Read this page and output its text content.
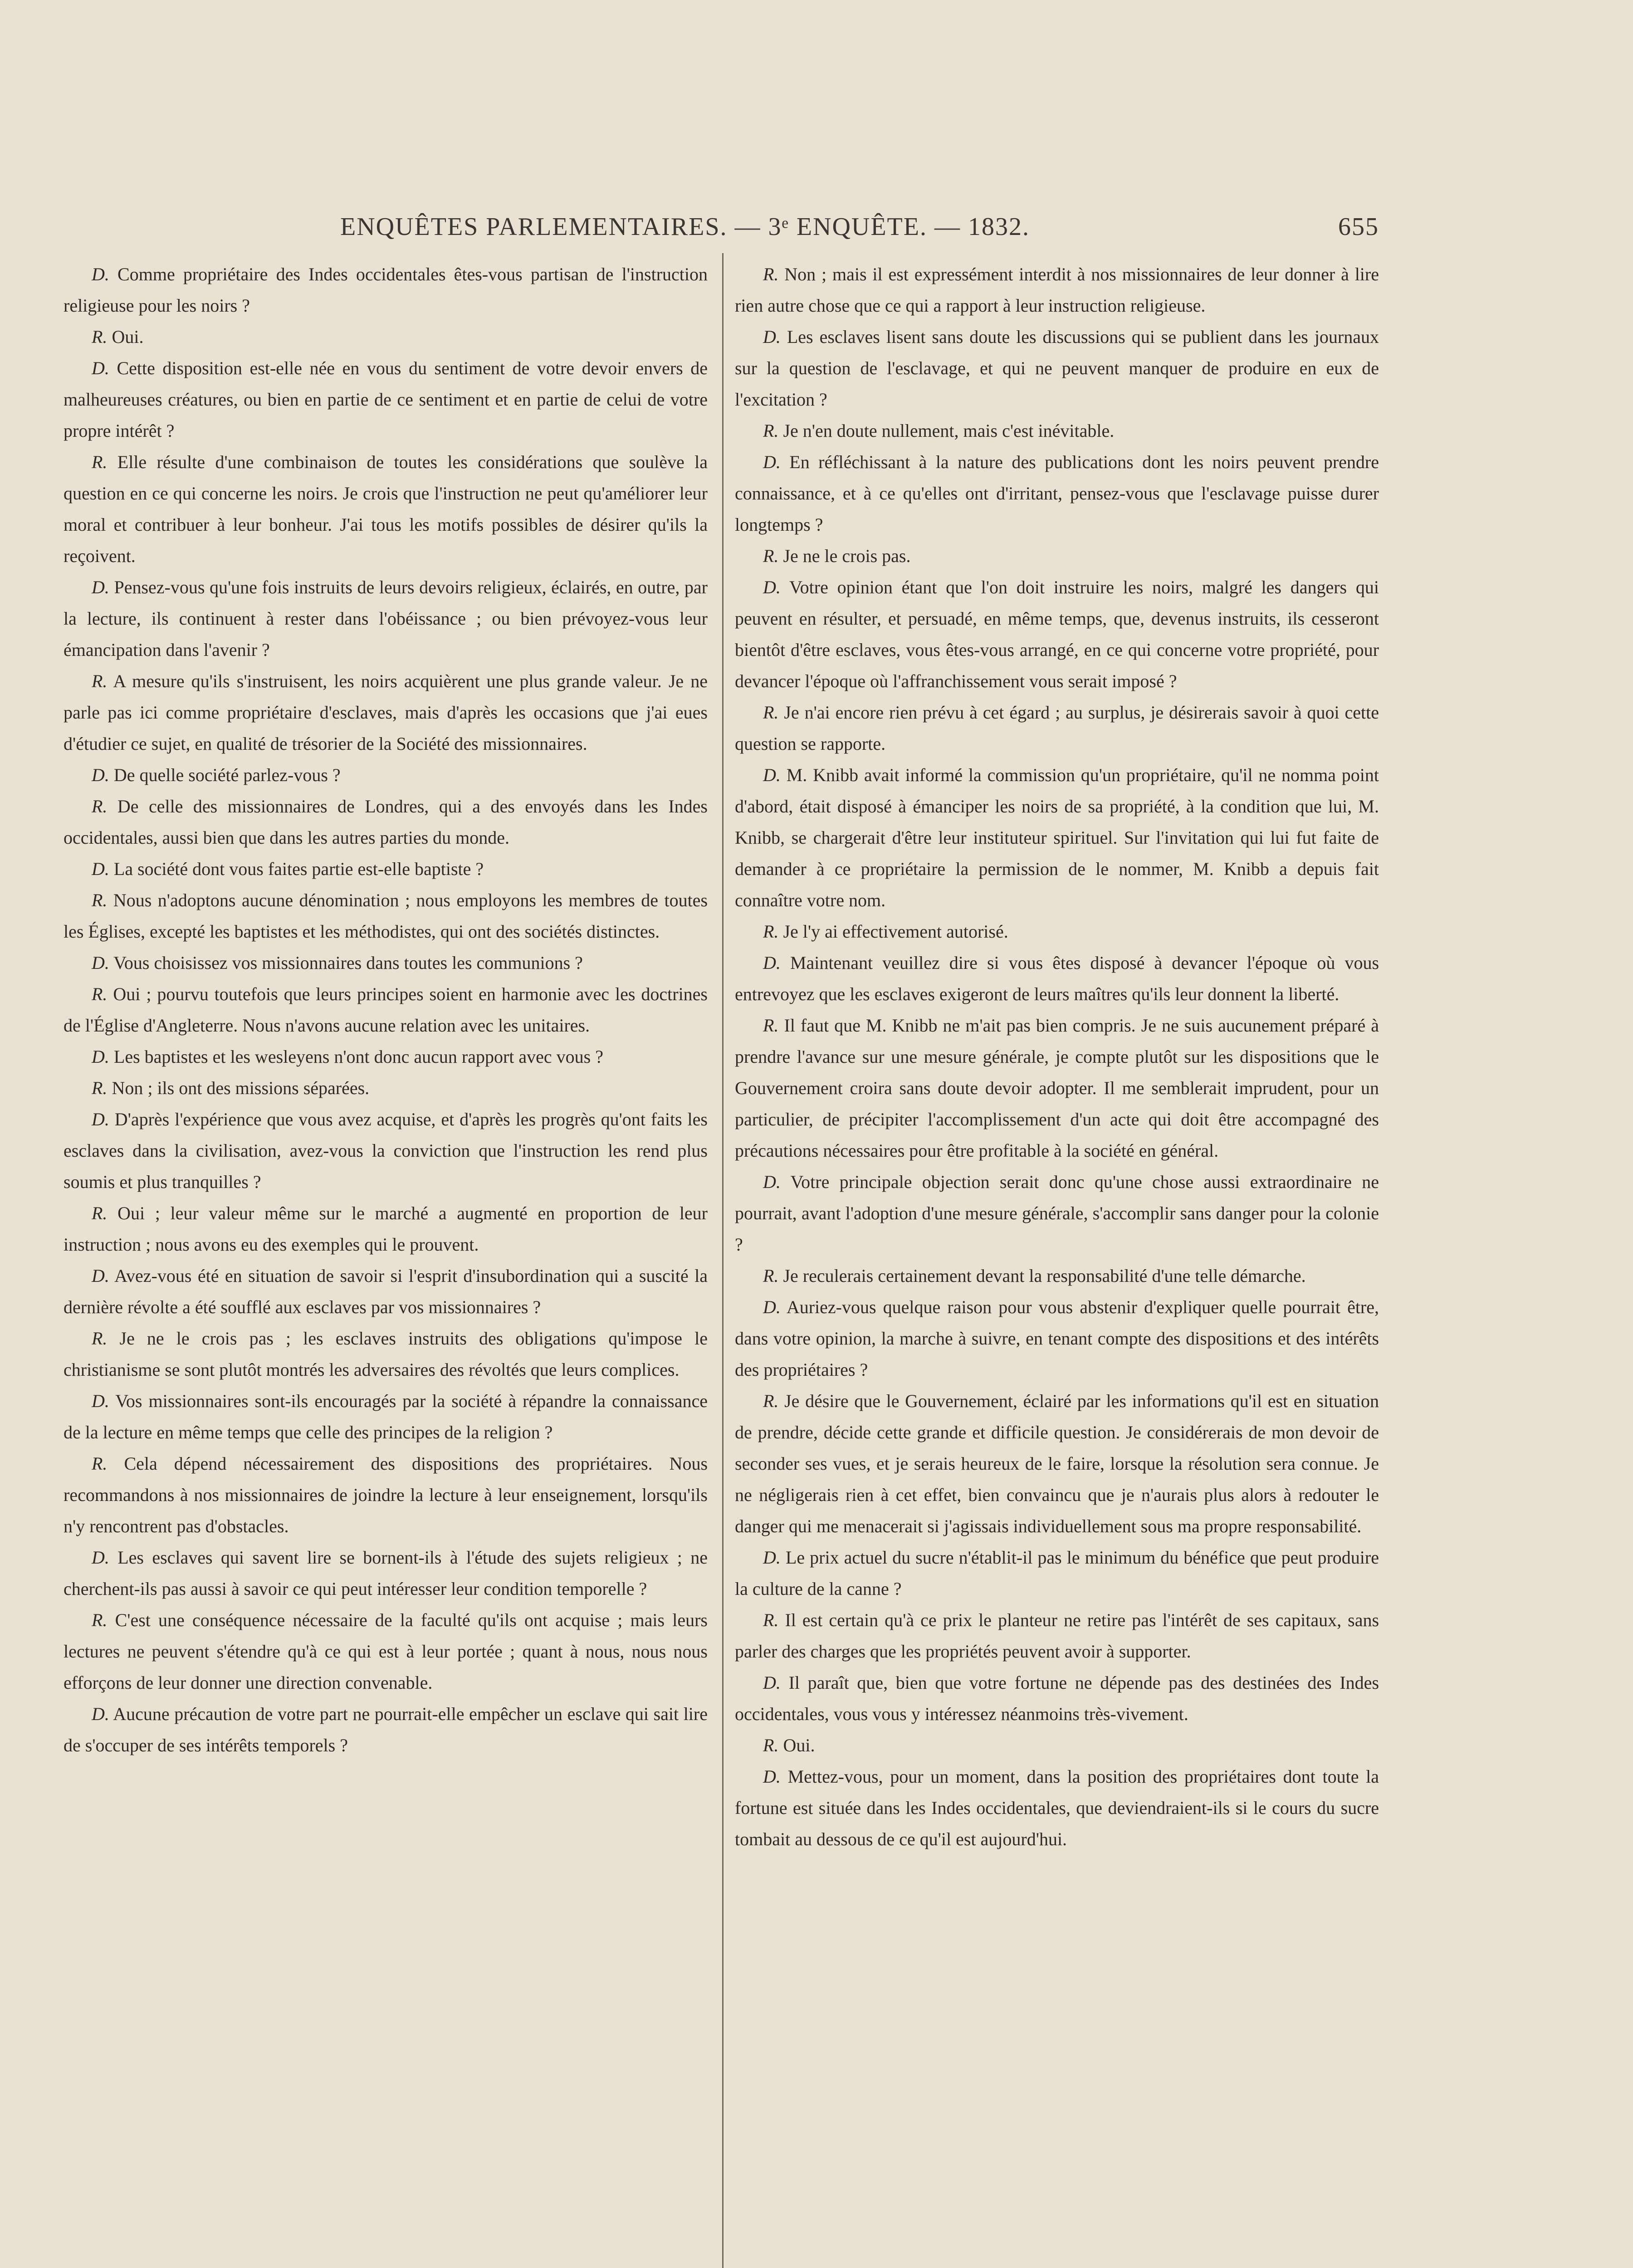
ENQUÊTES PARLEMENTAIRES. — 3ᵉ ENQUÊTE. — 1832.	655

D. Comme propriétaire des Indes occidentales êtes-vous partisan de l'instruction religieuse pour les noirs ?

R. Oui.

D. Cette disposition est-elle née en vous du sentiment de votre devoir envers de malheureuses créatures, ou bien en partie de ce sentiment et en partie de celui de votre propre intérêt ?

R. Elle résulte d'une combinaison de toutes les considérations que soulève la question en ce qui concerne les noirs. Je crois que l'instruction ne peut qu'améliorer leur moral et contribuer à leur bonheur. J'ai tous les motifs possibles de désirer qu'ils la reçoivent.

D. Pensez-vous qu'une fois instruits de leurs devoirs religieux, éclairés, en outre, par la lecture, ils continuent à rester dans l'obéissance ; ou bien prévoyez-vous leur émancipation dans l'avenir ?

R. A mesure qu'ils s'instruisent, les noirs acquièrent une plus grande valeur. Je ne parle pas ici comme propriétaire d'esclaves, mais d'après les occasions que j'ai eues d'étudier ce sujet, en qualité de trésorier de la Société des missionnaires.

D. De quelle société parlez-vous ?

R. De celle des missionnaires de Londres, qui a des envoyés dans les Indes occidentales, aussi bien que dans les autres parties du monde.

D. La société dont vous faites partie est-elle baptiste ?

R. Nous n'adoptons aucune dénomination ; nous employons les membres de toutes les Églises, excepté les baptistes et les méthodistes, qui ont des sociétés distinctes.

D. Vous choisissez vos missionnaires dans toutes les communions ?

R. Oui ; pourvu toutefois que leurs principes soient en harmonie avec les doctrines de l'Église d'Angleterre. Nous n'avons aucune relation avec les unitaires.

D. Les baptistes et les wesleyens n'ont donc aucun rapport avec vous ?

R. Non ; ils ont des missions séparées.

D. D'après l'expérience que vous avez acquise, et d'après les progrès qu'ont faits les esclaves dans la civilisation, avez-vous la conviction que l'instruction les rend plus soumis et plus tranquilles ?

R. Oui ; leur valeur même sur le marché a augmenté en proportion de leur instruction ; nous avons eu des exemples qui le prouvent.

D. Avez-vous été en situation de savoir si l'esprit d'insubordination qui a suscité la dernière révolte a été soufflé aux esclaves par vos missionnaires ?

R. Je ne le crois pas ; les esclaves instruits des obligations qu'impose le christianisme se sont plutôt montrés les adversaires des révoltés que leurs complices.

D. Vos missionnaires sont-ils encouragés par la société à répandre la connaissance de la lecture en même temps que celle des principes de la religion ?

R. Cela dépend nécessairement des dispositions des propriétaires. Nous recommandons à nos missionnaires de joindre la lecture à leur enseignement, lorsqu'ils n'y rencontrent pas d'obstacles.

D. Les esclaves qui savent lire se bornent-ils à l'étude des sujets religieux ; ne cherchent-ils pas aussi à savoir ce qui peut intéresser leur condition temporelle ?

R. C'est une conséquence nécessaire de la faculté qu'ils ont acquise ; mais leurs lectures ne peuvent s'étendre qu'à ce qui est à leur portée ; quant à nous, nous nous efforçons de leur donner une direction convenable.

D. Aucune précaution de votre part ne pourrait-elle empêcher un esclave qui sait lire de s'occuper de ses intérêts temporels ?

R. Non ; mais il est expressément interdit à nos missionnaires de leur donner à lire rien autre chose que ce qui a rapport à leur instruction religieuse.

D. Les esclaves lisent sans doute les discussions qui se publient dans les journaux sur la question de l'esclavage, et qui ne peuvent manquer de produire en eux de l'excitation ?

R. Je n'en doute nullement, mais c'est inévitable.

D. En réfléchissant à la nature des publications dont les noirs peuvent prendre connaissance, et à ce qu'elles ont d'irritant, pensez-vous que l'esclavage puisse durer longtemps ?

R. Je ne le crois pas.

D. Votre opinion étant que l'on doit instruire les noirs, malgré les dangers qui peuvent en résulter, et persuadé, en même temps, que, devenus instruits, ils cesseront bientôt d'être esclaves, vous êtes-vous arrangé, en ce qui concerne votre propriété, pour devancer l'époque où l'affranchissement vous serait imposé ?

R. Je n'ai encore rien prévu à cet égard ; au surplus, je désirerais savoir à quoi cette question se rapporte.

D. M. Knibb avait informé la commission qu'un propriétaire, qu'il ne nomma point d'abord, était disposé à émanciper les noirs de sa propriété, à la condition que lui, M. Knibb, se chargerait d'être leur instituteur spirituel. Sur l'invitation qui lui fut faite de demander à ce propriétaire la permission de le nommer, M. Knibb a depuis fait connaître votre nom.

R. Je l'y ai effectivement autorisé.

D. Maintenant veuillez dire si vous êtes disposé à devancer l'époque où vous entrevoyez que les esclaves exigeront de leurs maîtres qu'ils leur donnent la liberté.

R. Il faut que M. Knibb ne m'ait pas bien compris. Je ne suis aucunement préparé à prendre l'avance sur une mesure générale, je compte plutôt sur les dispositions que le Gouvernement croira sans doute devoir adopter. Il me semblerait imprudent, pour un particulier, de précipiter l'accomplissement d'un acte qui doit être accompagné des précautions nécessaires pour être profitable à la société en général.

D. Votre principale objection serait donc qu'une chose aussi extraordinaire ne pourrait, avant l'adoption d'une mesure générale, s'accomplir sans danger pour la colonie ?

R. Je reculerais certainement devant la responsabilité d'une telle démarche.

D. Auriez-vous quelque raison pour vous abstenir d'expliquer quelle pourrait être, dans votre opinion, la marche à suivre, en tenant compte des dispositions et des intérêts des propriétaires ?

R. Je désire que le Gouvernement, éclairé par les informations qu'il est en situation de prendre, décide cette grande et difficile question. Je considérerais de mon devoir de seconder ses vues, et je serais heureux de le faire, lorsque la résolution sera connue. Je ne négligerais rien à cet effet, bien convaincu que je n'aurais plus alors à redouter le danger qui me menacerait si j'agissais individuellement sous ma propre responsabilité.

D. Le prix actuel du sucre n'établit-il pas le minimum du bénéfice que peut produire la culture de la canne ?

R. Il est certain qu'à ce prix le planteur ne retire pas l'intérêt de ses capitaux, sans parler des charges que les propriétés peuvent avoir à supporter.

D. Il paraît que, bien que votre fortune ne dépende pas des destinées des Indes occidentales, vous vous y intéressez néanmoins très-vivement.

R. Oui.

D. Mettez-vous, pour un moment, dans la position des propriétaires dont toute la fortune est située dans les Indes occidentales, que deviendraient-ils si le cours du sucre tombait au dessous de ce qu'il est aujourd'hui.
